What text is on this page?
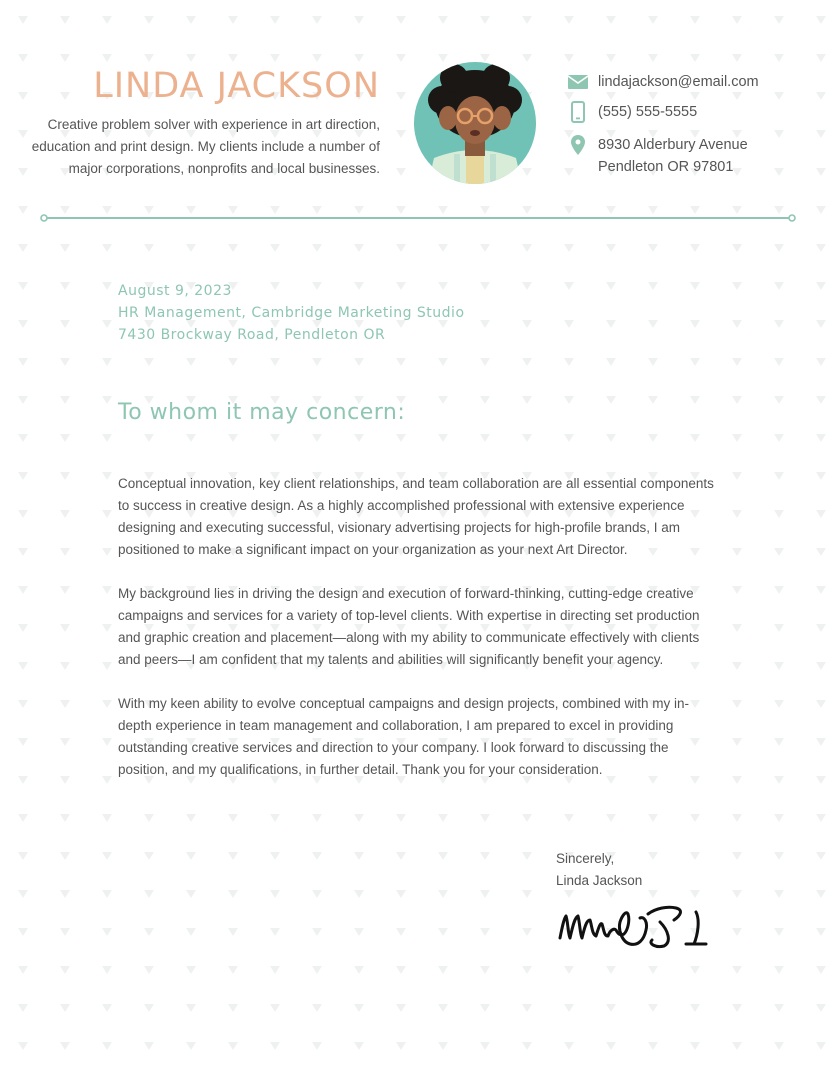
LINDA JACKSON
Creative problem solver with experience in art direction, education and print design. My clients include a number of major corporations, nonprofits and local businesses.
lindajackson@email.com
(555) 555-5555
8930 Alderbury Avenue
Pendleton OR 97801
August 9, 2023
HR Management, Cambridge Marketing Studio
7430 Brockway Road, Pendleton OR
To whom it may concern:

Conceptual innovation, key client relationships, and team collaboration are all essential components to success in creative design. As a highly accomplished professional with extensive experience designing and executing successful, visionary advertising projects for high-profile brands, I am positioned to make a significant impact on your organization as your next Art Director.

My background lies in driving the design and execution of forward-thinking, cutting-edge creative campaigns and services for a variety of top-level clients. With expertise in directing set production and graphic creation and placement—along with my ability to communicate effectively with clients and peers—I am confident that my talents and abilities will significantly benefit your agency.

With my keen ability to evolve conceptual campaigns and design projects, combined with my in-depth experience in team management and collaboration, I am prepared to excel in providing outstanding creative services and direction to your company. I look forward to discussing the position, and my qualifications, in further detail. Thank you for your consideration.

Sincerely,
Linda Jackson
